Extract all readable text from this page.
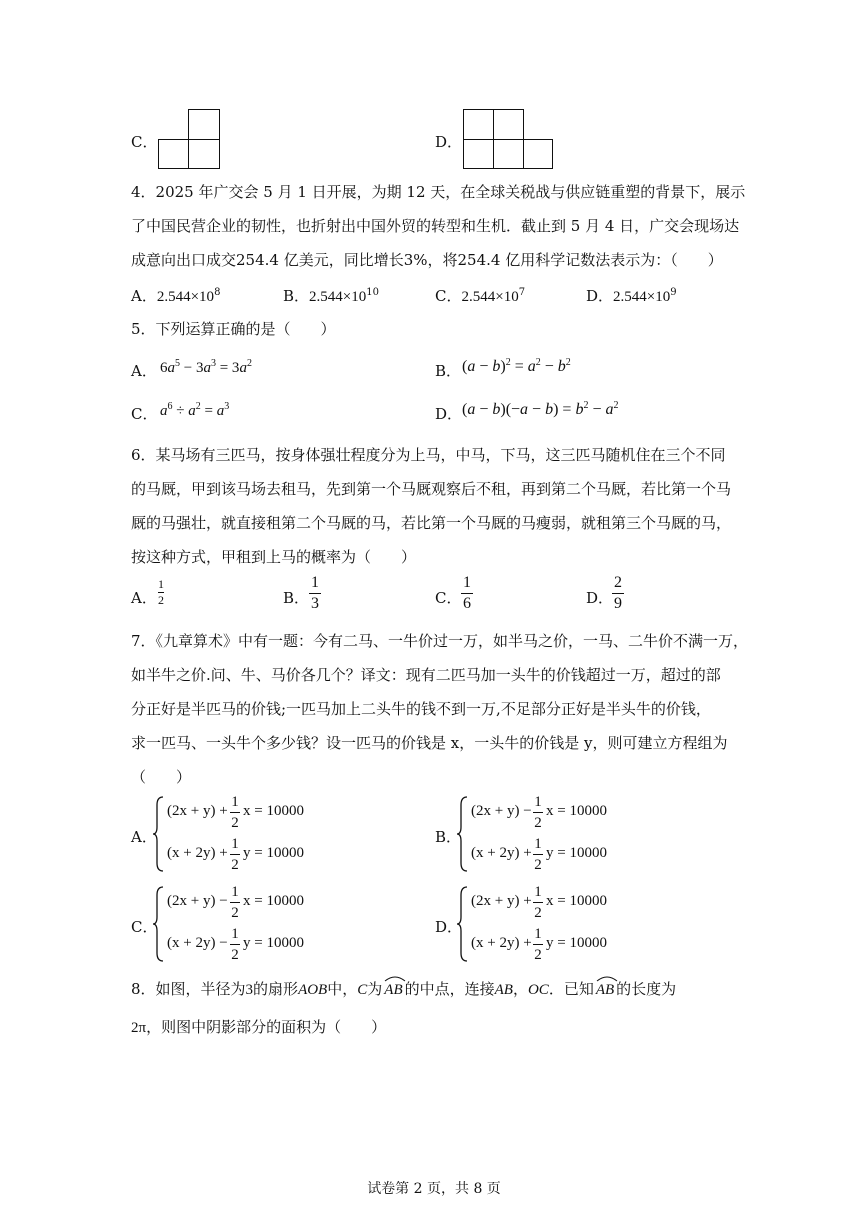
C．	D．
4．2025 年广交会 5 月 1 日开展，为期 12 天，在全球关税战与供应链重塑的背景下，展示
了中国民营企业的韧性，也折射出中国外贸的转型和生机．截止到 5 月 4 日，广交会现场达
成意向出口成交254.4 亿美元，同比增长3%，将254.4 亿用科学记数法表示为：（　　）
A．$2.544\times 10^8$	B．$2.544\times 10^{10}$	C．$2.544\times 10^7$	D．$2.544\times 10^9$
5．下列运算正确的是（　　）
A． $6a^5 - 3a^3 = 3a^2$	B． $(a - b)^2 = a^2 - b^2$
C． $a^6 \div a^2 = a^3$	D． $(a - b)(-a - b) = b^2 - a^2$
6．某马场有三匹马，按身体强壮程度分为上马，中马，下马，这三匹马随机住在三个不同
的马厩，甲到该马场去租马，先到第一个马厩观察后不租，再到第二个马厩，若比第一个马
厩的马强壮，就直接租第二个马厩的马，若比第一个马厩的马瘦弱，就租第三个马厩的马，
按这种方式，甲租到上马的概率为（　　）
A．
1
2	B．
1
3	C．
1
6	D．
2
9
7．《九章算术》中有一题：今有二马、一牛价过一万，如半马之价，一马、二牛价不满一万，
如半牛之价.问、牛、马价各几个？译文：现有二匹马加一头牛的价钱超过一万，超过的部
分正好是半匹马的价钱;一匹马加上二头牛的钱不到一万,不足部分正好是半头牛的价钱，
求一匹马、一头牛个多少钱？设一匹马的价钱是 x，一头牛的价钱是 y，则可建立方程组为
（　　）
A．
(2x + y) +
1
2
x = 10000
(x + 2y) +
1
2
y = 10000
B．
(2x + y) −
1
2
x = 10000
(x + 2y) +
1
2
y = 10000
C．
(2x + y) −
1
2
x = 10000
(x + 2y) −
1
2
y = 10000
D．
(2x + y) +
1
2
x = 10000
(x + 2y) +
1
2
y = 10000
8．如图，半径为3的扇形AOB中，C为 AB 的中点，连接AB，OC．已知 AB 的长度为
2π，则图中阴影部分的面积为（　　）
试卷第 2 页，共 8 页
